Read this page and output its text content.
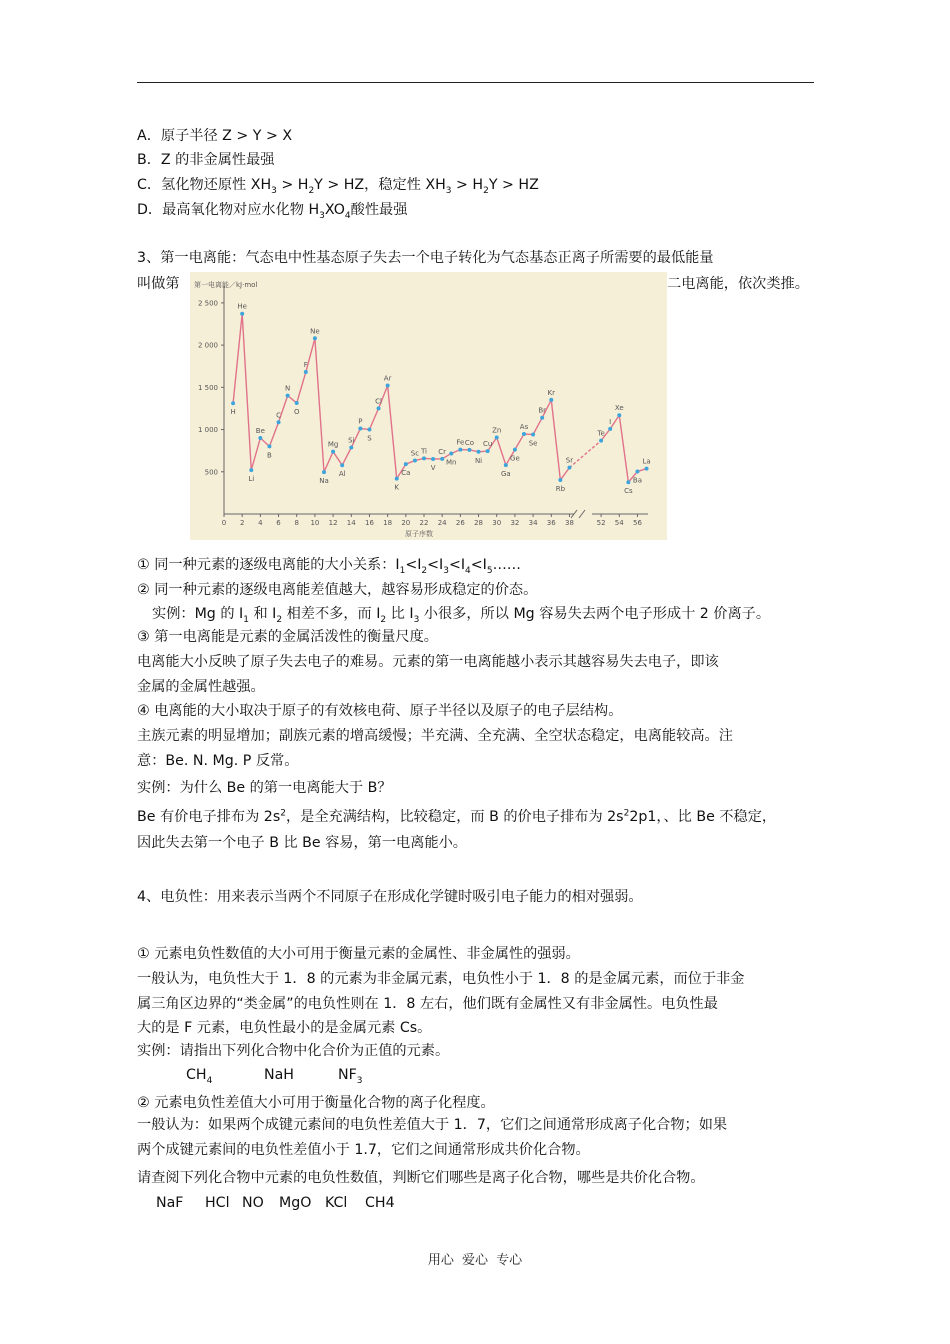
A．原子半径 Z > Y > X
B．Z 的非金属性最强
C．氢化物还原性 $XH_3 > H_2Y$ > HZ，稳定性 $XH_3 > H_2Y$ > HZ
D．最高氧化物对应水化物 $H_3XO_4$酸性最强
3、第一电离能：气态电中性基态原子失去一个电子转化为气态基态正离子所需要的最低能量
叫做第	二电离能，依次类推。
第一电离能／kJ·mol
500
1 000
1 500
2 000
2 500
0 2 4 6 8 10 12 14 16 18 20 22 24 26 28 30 32 34 36 38	52 54 56
原子序数
H
He
Li
Be
B
C
N
O
F
Ne
Na
Mg
Al
Si
P
S
Cl
Ar
K
Ca
Sc Ti
V
Cr
Mn
Fe Co
Ni
Cu
Zn
Ga
Ge
As
Se
Br
Kr
Rb
Sr
Te
I
Xe
Cs
Ba
La
① 同一种元素的逐级电离能的大小关系：$I_1<I_2<I_3<I_4<I_5\dots\dots$
② 同一种元素的逐级电离能差值越大，越容易形成稳定的价态。
实例：Mg 的 $I_1$ 和 $I_2$ 相差不多，而 $I_2$ 比 $I_3$ 小很多，所以 Mg 容易失去两个电子形成十 2 价离子。
③ 第一电离能是元素的金属活泼性的衡量尺度。
电离能大小反映了原子失去电子的难易。元素的第一电离能越小表示其越容易失去电子，即该
金属的金属性越强。
④ 电离能的大小取决于原子的有效核电荷、原子半径以及原子的电子层结构。
主族元素的明显增加；副族元素的增高缓慢；半充满、全充满、全空状态稳定，电离能较高。注
意：Be. N. Mg. P 反常。
实例：为什么 Be 的第一电离能大于 B？
Be 有价电子排布为 $2s^2$，是全充满结构，比较稳定，而 B 的价电子排布为 $2s^22p1$，、比 Be 不稳定，
因此失去第一个电子 B 比 Be 容易，第一电离能小。
4、电负性：用来表示当两个不同原子在形成化学键时吸引电子能力的相对强弱。
① 元素电负性数值的大小可用于衡量元素的金属性、非金属性的强弱。
一般认为，电负性大于 1．8 的元素为非金属元素，电负性小于 1．8 的是金属元素，而位于非金
属三角区边界的“类金属”的电负性则在 1．8 左右，他们既有金属性又有非金属性。电负性最
大的是 F 元素，电负性最小的是金属元素 Cs。
实例：请指出下列化合物中化合价为正值的元素。
$CH_4$	NaH	$NF_3$
② 元素电负性差值大小可用于衡量化合物的离子化程度。
一般认为：如果两个成键元素间的电负性差值大于 1．7，它们之间通常形成离子化合物；如果
两个成键元素间的电负性差值小于 1.7，它们之间通常形成共价化合物。
请查阅下列化合物中元素的电负性数值，判断它们哪些是离子化合物，哪些是共价化合物。
NaF HCl NO MgO KCl CH4
用心 爱心 专心
